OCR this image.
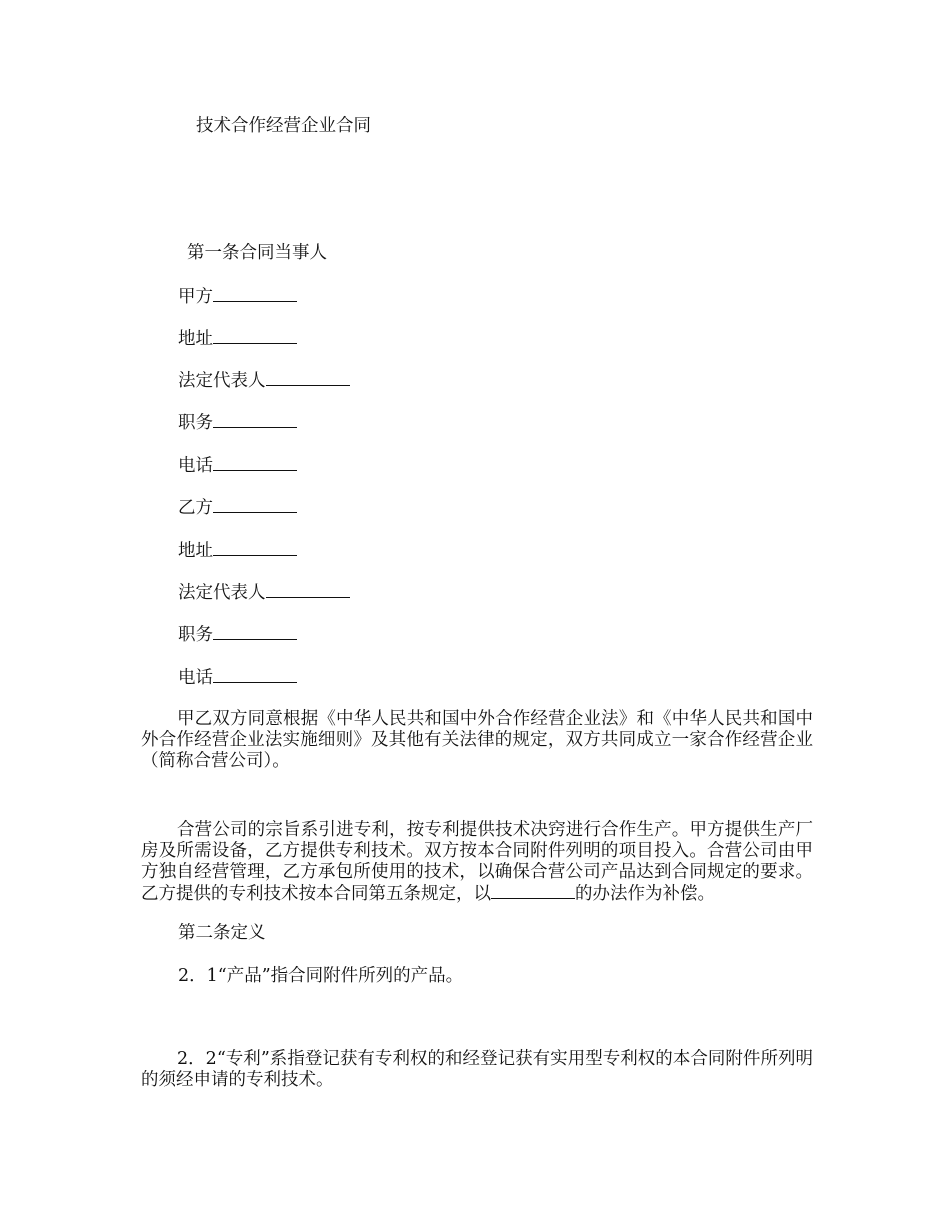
技术合作经营企业合同
第一条合同当事人
甲方
地址
法定代表人
职务
电话
乙方
地址
法定代表人
职务
电话
甲乙双方同意根据《中华人民共和国中外合作经营企业法》和《中华人民共和国中外合作经营企业法实施细则》及其他有关法律的规定，双方共同成立一家合作经营企业（简称合营公司）。
合营公司的宗旨系引进专利，按专利提供技术决窍进行合作生产。甲方提供生产厂房及所需设备，乙方提供专利技术。双方按本合同附件列明的项目投入。合营公司由甲方独自经营管理，乙方承包所使用的技术，以确保合营公司产品达到合同规定的要求。乙方提供的专利技术按本合同第五条规定，以	的办法作为补偿。
第二条定义
2．1“产品”指合同附件所列的产品。
2．2“专利”系指登记获有专利权的和经登记获有实用型专利权的本合同附件所列明的须经申请的专利技术。
